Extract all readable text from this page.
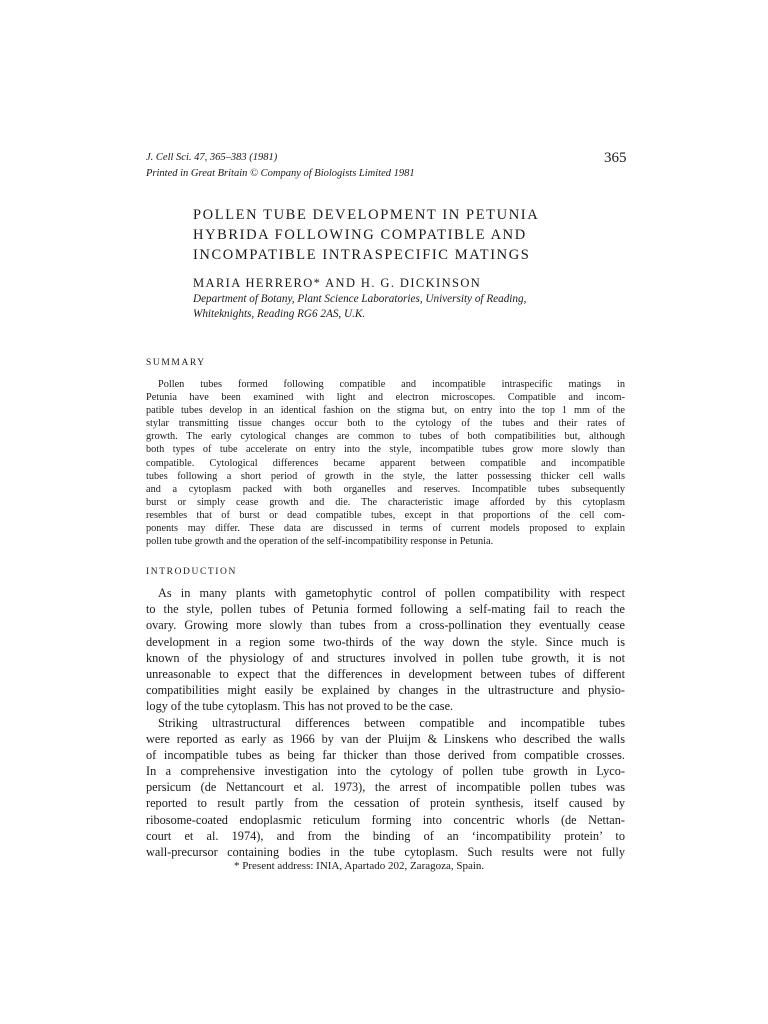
J. Cell Sci. 47, 365–383 (1981)
Printed in Great Britain © Company of Biologists Limited 1981
365
POLLEN TUBE DEVELOPMENT IN PETUNIA
HYBRIDA FOLLOWING COMPATIBLE AND
INCOMPATIBLE INTRASPECIFIC MATINGS
MARIA HERRERO* AND H. G. DICKINSON
Department of Botany, Plant Science Laboratories, University of Reading,
Whiteknights, Reading RG6 2AS, U.K.
SUMMARY
Pollen tubes formed following compatible and incompatible intraspecific matings in
Petunia have been examined with light and electron microscopes. Compatible and incom-
patible tubes develop in an identical fashion on the stigma but, on entry into the top 1 mm of the
stylar transmitting tissue changes occur both to the cytology of the tubes and their rates of
growth. The early cytological changes are common to tubes of both compatibilities but, although
both types of tube accelerate on entry into the style, incompatible tubes grow more slowly than
compatible. Cytological differences became apparent between compatible and incompatible
tubes following a short period of growth in the style, the latter possessing thicker cell walls
and a cytoplasm packed with both organelles and reserves. Incompatible tubes subsequently
burst or simply cease growth and die. The characteristic image afforded by this cytoplasm
resembles that of burst or dead compatible tubes, except in that proportions of the cell com-
ponents may differ. These data are discussed in terms of current models proposed to explain
pollen tube growth and the operation of the self-incompatibility response in Petunia.
INTRODUCTION
As in many plants with gametophytic control of pollen compatibility with respect
to the style, pollen tubes of Petunia formed following a self-mating fail to reach the
ovary. Growing more slowly than tubes from a cross-pollination they eventually cease
development in a region some two-thirds of the way down the style. Since much is
known of the physiology of and structures involved in pollen tube growth, it is not
unreasonable to expect that the differences in development between tubes of different
compatibilities might easily be explained by changes in the ultrastructure and physio-
logy of the tube cytoplasm. This has not proved to be the case.
Striking ultrastructural differences between compatible and incompatible tubes
were reported as early as 1966 by van der Pluijm & Linskens who described the walls
of incompatible tubes as being far thicker than those derived from compatible crosses.
In a comprehensive investigation into the cytology of pollen tube growth in Lyco-
persicum (de Nettancourt et al. 1973), the arrest of incompatible pollen tubes was
reported to result partly from the cessation of protein synthesis, itself caused by
ribosome-coated endoplasmic reticulum forming into concentric whorls (de Nettan-
court et al. 1974), and from the binding of an ‘incompatibility protein’ to
wall-precursor containing bodies in the tube cytoplasm. Such results were not fully
* Present address: INIA, Apartado 202, Zaragoza, Spain.
